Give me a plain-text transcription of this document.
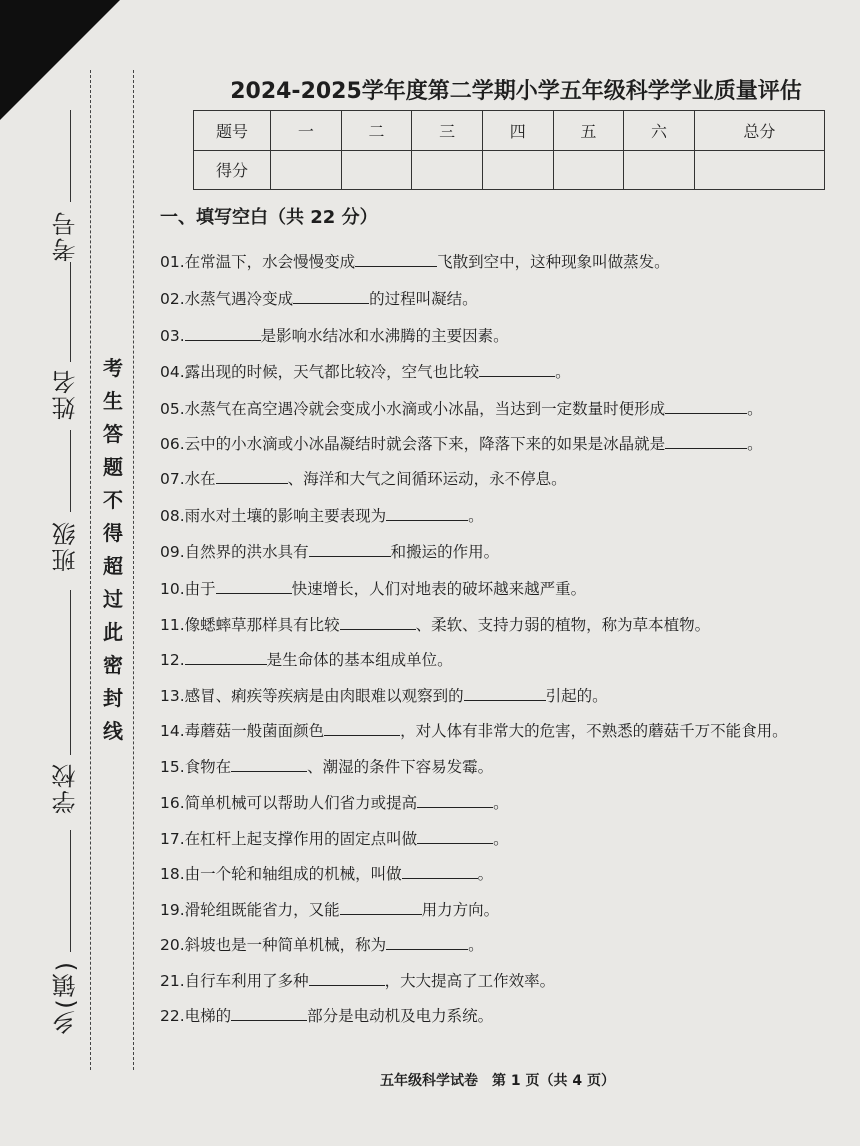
考号
姓名
班级
学校
乡(镇)
考
生
答
题
不
得
超
过
此
密
封
线
2024-2025学年度第二学期小学五年级科学学业质量评估
题号	一	二	三	四	五	六	总分
得分							
一、填写空白（共 22 分）
01.在常温下，水会慢慢变成	飞散到空中，这种现象叫做蒸发。
02.水蒸气遇冷变成	的过程叫凝结。
03.	是影响水结冰和水沸腾的主要因素。
04.露出现的时候，天气都比较冷，空气也比较	。
05.水蒸气在高空遇冷就会变成小水滴或小冰晶，当达到一定数量时便形成	。
06.云中的小水滴或小冰晶凝结时就会落下来，降落下来的如果是冰晶就是	。
07.水在	、海洋和大气之间循环运动，永不停息。
08.雨水对土壤的影响主要表现为	。
09.自然界的洪水具有	和搬运的作用。
10.由于	快速增长，人们对地表的破坏越来越严重。
11.像蟋蟀草那样具有比较	、柔软、支持力弱的植物，称为草本植物。
12.	是生命体的基本组成单位。
13.感冒、痢疾等疾病是由肉眼难以观察到的	引起的。
14.毒蘑菇一般菌面颜色	，对人体有非常大的危害，不熟悉的蘑菇千万不能食用。
15.食物在	、潮湿的条件下容易发霉。
16.简单机械可以帮助人们省力或提高	。
17.在杠杆上起支撑作用的固定点叫做	。
18.由一个轮和轴组成的机械，叫做	。
19.滑轮组既能省力，又能	用力方向。
20.斜坡也是一种简单机械，称为	。
21.自行车利用了多种	，大大提高了工作效率。
22.电梯的	部分是电动机及电力系统。
五年级科学试卷　第 1 页（共 4 页）
